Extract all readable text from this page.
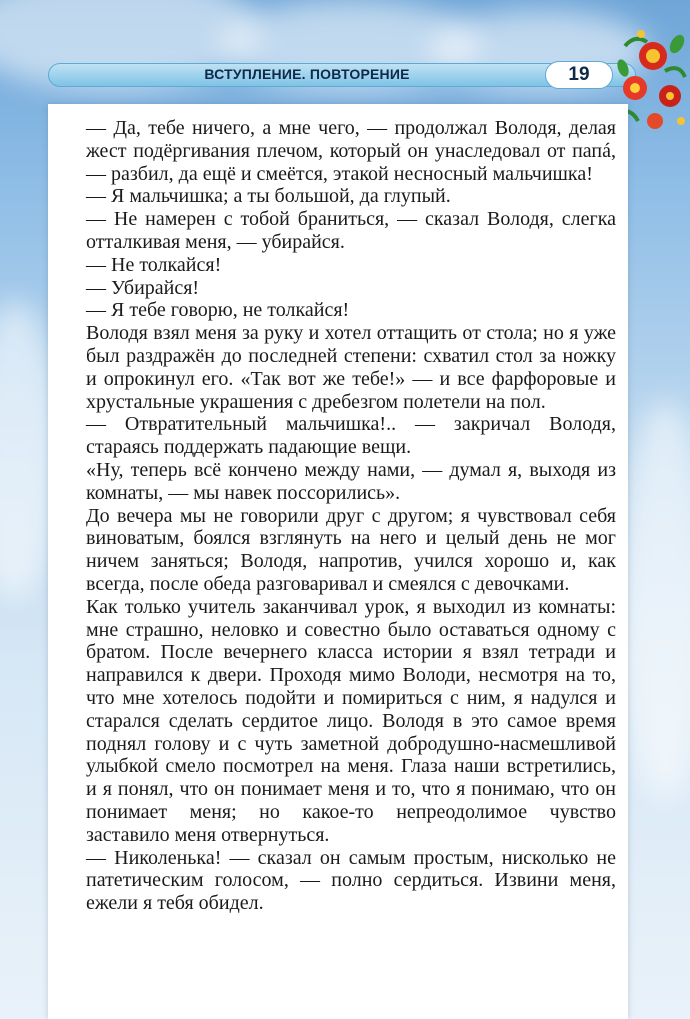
ВСТУПЛЕНИЕ. ПОВТОРЕНИЕ	19

— Да, тебе ничего, а мне чего, — продолжал Володя, делая жест подёргивания плечом, который он унаследовал от папá, — разбил, да ещё и смеётся, этакой несносный мальчишка!

— Я мальчишка; а ты большой, да глупый.

— Не намерен с тобой браниться, — сказал Володя, слегка отталкивая меня, — убирайся.

— Не толкайся!

— Убирайся!

— Я тебе говорю, не толкайся!

Володя взял меня за руку и хотел оттащить от стола; но я уже был раздражён до последней степени: схватил стол за ножку и опрокинул его. «Так вот же тебе!» — и все фарфоровые и хрустальные украшения с дребезгом полетели на пол.

— Отвратительный мальчишка!.. — закричал Володя, стараясь поддержать падающие вещи.

«Ну, теперь всё кончено между нами, — думал я, выходя из комнаты, — мы навек поссорились».

До вечера мы не говорили друг с другом; я чувствовал себя виноватым, боялся взглянуть на него и целый день не мог ничем заняться; Володя, напротив, учился хорошо и, как всегда, после обеда разговаривал и смеялся с девочками.

Как только учитель заканчивал урок, я выходил из комнаты: мне страшно, неловко и совестно было оставаться одному с братом. После вечернего класса истории я взял тетради и направился к двери. Проходя мимо Володи, несмотря на то, что мне хотелось подойти и помириться с ним, я надулся и старался сделать сердитое лицо. Володя в это самое время поднял голову и с чуть заметной добродушно-насмешливой улыбкой смело посмотрел на меня. Глаза наши встретились, и я понял, что он понимает меня и то, что я понимаю, что он понимает меня; но какое-то непреодолимое чувство заставило меня отвернуться.

— Николенька! — сказал он самым простым, нисколько не патетическим голосом, — полно сердиться. Извини меня, ежели я тебя обидел.
